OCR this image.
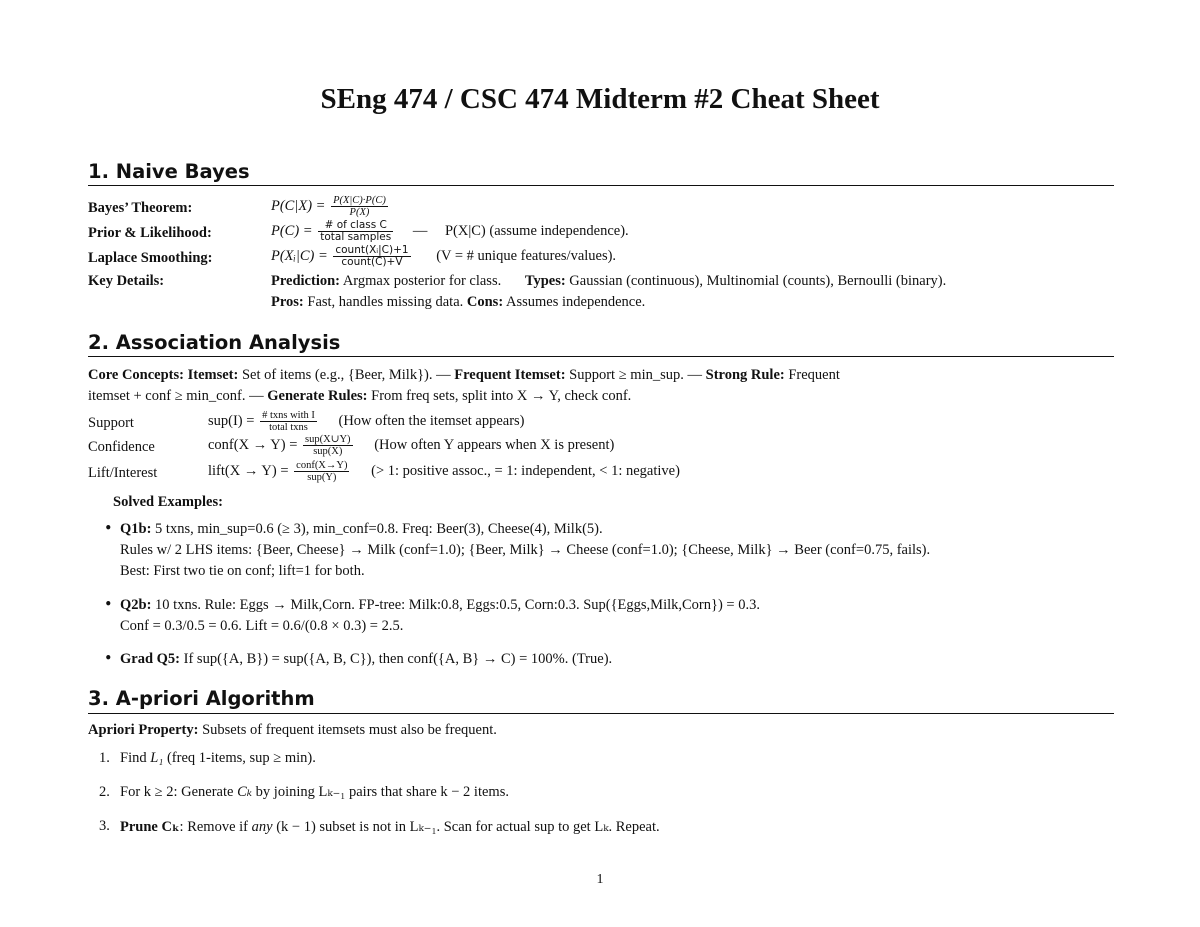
SEng 474 / CSC 474 Midterm #2 Cheat Sheet
1. Naive Bayes
Bayes’ Theorem:	$P(C|X) = \frac{P(X|C)\cdot P(C)}{P(X)}$
Prior & Likelihood:	$P(C) = \frac{\text{\# of class C}}{\text{total samples}}$ — P(X|C) (assume independence).
Laplace Smoothing:	P(Xᵢ|C) = $\frac{\text{count(Xᵢ|C)+1}}{\text{count(C)+V}} (V$ = # unique features/values).
Key Details:	Prediction: Argmax posterior for class. Types: Gaussian (continuous), Multinomial (counts), Bernoulli (binary).
Pros: Fast, handles missing data. Cons: Assumes independence.
2. Association Analysis
Core Concepts: Itemset: Set of items (e.g., {Beer, Milk}). — Frequent Itemset: Support ≥ min_sup. — Strong Rule: Frequent
itemset + conf ≥ min_conf. — Generate Rules: From freq sets, split into X → Y, check conf.
Support	$sup(I) = \frac{\text{\# txns with I}}{\text{total txns}} (How$ often the itemset appears)
Confidence	conf(X → $Y) = \frac{\text{sup(X∪Y)}}{\text{sup(X)}} (How$ often Y appears when X is present)
Lift/Interest	lift(X → $Y) = \frac{\text{conf(X→Y)}}{\text{sup(Y)}}$ (> 1: positive assoc., = 1: independent, < 1: negative)
Solved Examples:
• Q1b: 5 txns, min_sup=0.6 (≥ 3), min_conf=0.8. Freq: Beer(3), Cheese(4), Milk(5).
Rules w/ 2 LHS items: {Beer, Cheese} → Milk (conf=1.0); {Beer, Milk} → Cheese (conf=1.0); {Cheese, Milk} → Beer (conf=0.75, fails).
Best: First two tie on conf; lift=1 for both.
• Q2b: 10 txns. Rule: Eggs → Milk,Corn. FP-tree: Milk:0.8, Eggs:0.5, Corn:0.3. Sup({Eggs,Milk,Corn}) = 0.3.
Conf = 0.3/0.5 = 0.6. Lift = 0.6/(0.8 × 0.3) = 2.5.
• Grad Q5: If sup({A, B}) = sup({A, B, C}), then conf({A, B} → C) = 100%. (True).
3. A-priori Algorithm
Apriori Property: Subsets of frequent itemsets must also be frequent.
1. Find L₁ (freq 1-items, sup ≥ min).
2. For k ≥ 2: Generate Cₖ by joining Lₖ₋₁ pairs that share k − 2 items.
3. Prune Cₖ: Remove if any (k − 1) subset is not in Lₖ₋₁. Scan for actual sup to get Lₖ. Repeat.
1
